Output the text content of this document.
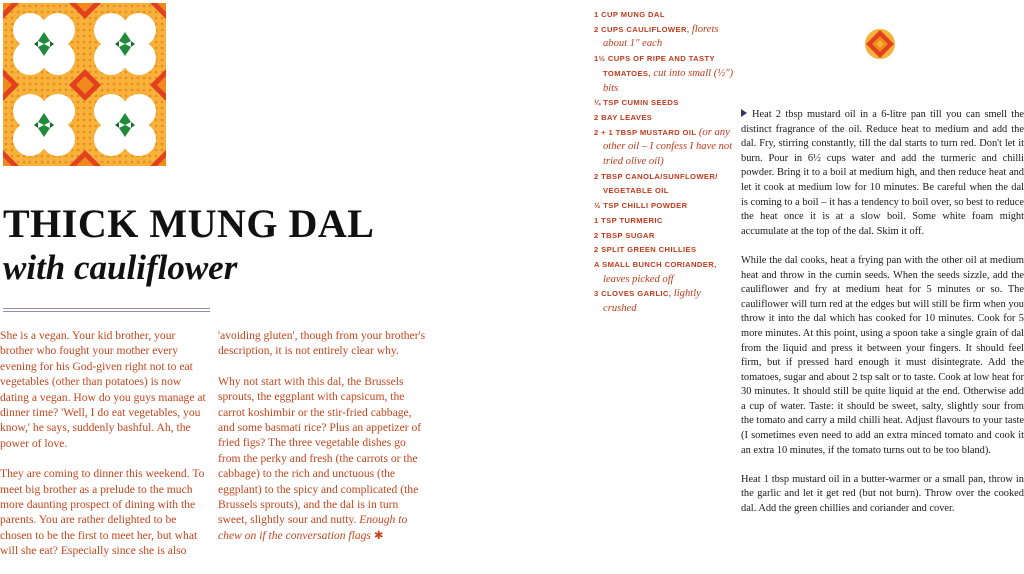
THICK MUNG DAL
with cauliflower

She is a vegan. Your kid brother, your brother who fought your mother every evening for his God-given right not to eat vegetables (other than potatoes) is now dating a vegan. How do you guys manage at dinner time? 'Well, I do eat vegetables, you know,' he says, suddenly bashful. Ah, the power of love.

They are coming to dinner this weekend. To meet big brother as a prelude to the much more daunting prospect of dining with the parents. You are rather delighted to be chosen to be the first to meet her, but what will she eat? Especially since she is also

'avoiding gluten', though from your brother's description, it is not entirely clear why.

Why not start with this dal, the Brussels sprouts, the eggplant with capsicum, the carrot koshimbir or the stir-fried cabbage, and some basmati rice? Plus an appetizer of fried figs? The three vegetable dishes go from the perky and fresh (the carrots or the cabbage) to the rich and unctuous (the eggplant) to the spicy and complicated (the Brussels sprouts), and the dal is in turn sweet, slightly sour and nutty. Enough to chew on if the conversation flags ✱

1 CUP MUNG DAL
2 CUPS CAULIFLOWER, florets about 1" each
1½ CUPS OF RIPE AND TASTY TOMATOES, cut into small (½") bits
¼ TSP CUMIN SEEDS
2 BAY LEAVES
2 + 1 TBSP MUSTARD OIL (or any other oil – I confess I have not tried olive oil)
2 TBSP CANOLA/SUNFLOWER/ VEGETABLE OIL
½ TSP CHILLI POWDER
1 TSP TURMERIC
2 TBSP SUGAR
2 SPLIT GREEN CHILLIES
A SMALL BUNCH CORIANDER, leaves picked off
3 CLOVES GARLIC, lightly crushed

Heat 2 tbsp mustard oil in a 6-litre pan till you can smell the distinct fragrance of the oil. Reduce heat to medium and add the dal. Fry, stirring constantly, till the dal starts to turn red. Don't let it burn. Pour in 6½ cups water and add the turmeric and chilli powder. Bring it to a boil at medium high, and then reduce heat and let it cook at medium low for 10 minutes. Be careful when the dal is coming to a boil – it has a tendency to boil over, so best to reduce the heat once it is at a slow boil. Some white foam might accumulate at the top of the dal. Skim it off.

While the dal cooks, heat a frying pan with the other oil at medium heat and throw in the cumin seeds. When the seeds sizzle, add the cauliflower and fry at medium heat for 5 minutes or so. The cauliflower will turn red at the edges but will still be firm when you throw it into the dal which has cooked for 10 minutes. Cook for 5 more minutes. At this point, using a spoon take a single grain of dal from the liquid and press it between your fingers. It should feel firm, but if pressed hard enough it must disintegrate. Add the tomatoes, sugar and about 2 tsp salt or to taste. Cook at low heat for 30 minutes. It should still be quite liquid at the end. Otherwise add a cup of water. Taste: it should be sweet, salty, slightly sour from the tomato and carry a mild chilli heat. Adjust flavours to your taste (I sometimes even need to add an extra minced tomato and cook it an extra 10 minutes, if the tomato turns out to be too bland).

Heat 1 tbsp mustard oil in a butter-warmer or a small pan, throw in the garlic and let it get red (but not burn). Throw over the cooked dal. Add the green chillies and coriander and cover.
